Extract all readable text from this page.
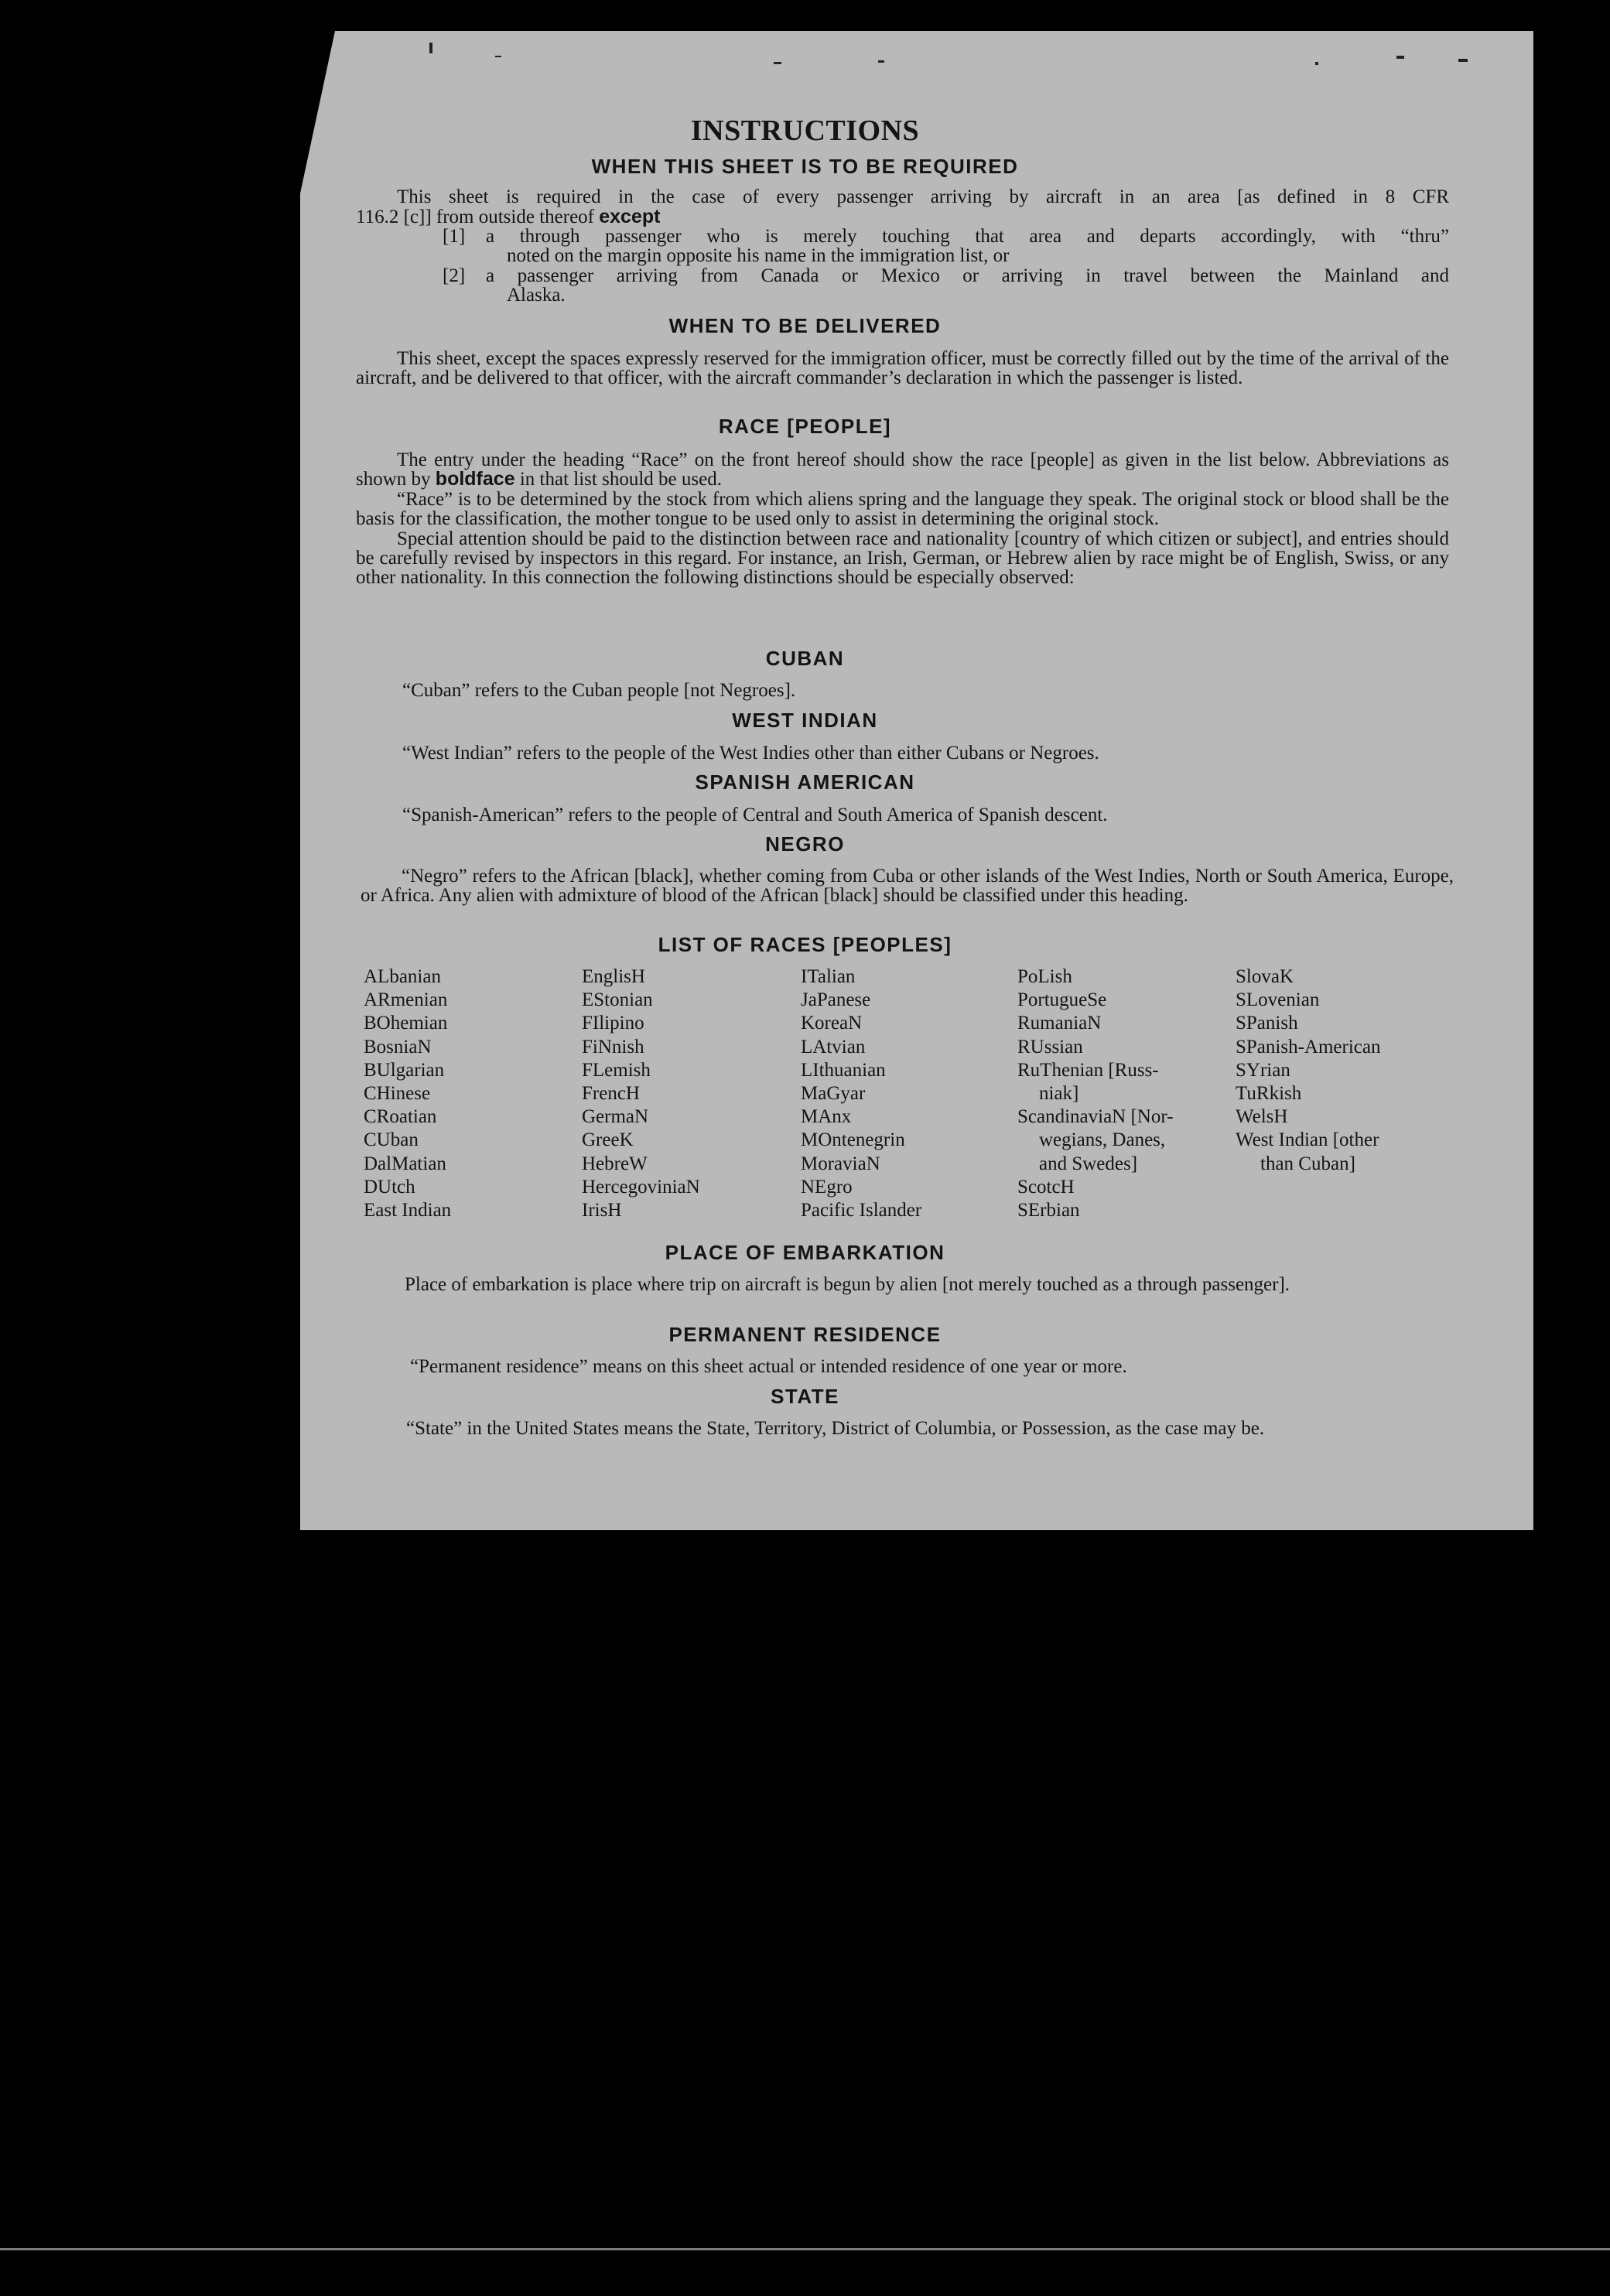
INSTRUCTIONS
WHEN THIS SHEET IS TO BE REQUIRED
This sheet is required in the case of every passenger arriving by aircraft in an area [as defined in 8 CFR
116.2 [c]] from outside thereof except
[1] a through passenger who is merely touching that area and departs accordingly, with “thru”
noted on the margin opposite his name in the immigration list, or
[2] a passenger arriving from Canada or Mexico or arriving in travel between the Mainland and
Alaska.
WHEN TO BE DELIVERED

This sheet, except the spaces expressly reserved for the immigration officer, must be correctly filled out by the time of the arrival of the aircraft, and be delivered to that officer, with the aircraft commander’s declaration in which the passenger is listed.

RACE [PEOPLE]

The entry under the heading “Race” on the front hereof should show the race [people] as given in the list below. Abbreviations as shown by boldface in that list should be used.

“Race” is to be determined by the stock from which aliens spring and the language they speak. The original stock or blood shall be the basis for the classification, the mother tongue to be used only to assist in determining the original stock.

Special attention should be paid to the distinction between race and nationality [country of which citizen or subject], and entries should be carefully revised by inspectors in this regard. For instance, an Irish, German, or Hebrew alien by race might be of English, Swiss, or any other nationality. In this connection the following distinctions should be especially observed:

CUBAN
“Cuban” refers to the Cuban people [not Negroes].
WEST INDIAN
“West Indian” refers to the people of the West Indies other than either Cubans or Negroes.
SPANISH AMERICAN
“Spanish-American” refers to the people of Central and South America of Spanish descent.
NEGRO

“Negro” refers to the African [black], whether coming from Cuba or other islands of the West Indies, North or South America, Europe, or Africa. Any alien with admixture of blood of the African [black] should be classified under this heading.

LIST OF RACES [PEOPLES]
ALbanian
ARmenian
BOhemian
BosniaN
BUlgarian
CHinese
CRoatian
CUban
DalMatian
DUtch
East Indian
EnglisH
EStonian
FIlipino
FiNnish
FLemish
FrencH
GermaN
GreeK
HebreW
HercegoviniaN
IrisH
ITalian
JaPanese
KoreaN
LAtvian
LIthuanian
MaGyar
MAnx
MOntenegrin
MoraviaN
NEgro
Pacific Islander
PoLish
PortugueSe
RumaniaN
RUssian
RuThenian [Russ-
niak]
ScandinaviaN [Nor-
wegians, Danes,
and Swedes]
ScotcH
SErbian
SlovaK
SLovenian
SPanish
SPanish-American
SYrian
TuRkish
WelsH
West Indian [other
than Cuban]
PLACE OF EMBARKATION

Place of embarkation is place where trip on aircraft is begun by alien [not merely touched as a through passenger].

PERMANENT RESIDENCE
“Permanent residence” means on this sheet actual or intended residence of one year or more.
STATE

“State” in the United States means the State, Territory, District of Columbia, or Possession, as the case may be.
